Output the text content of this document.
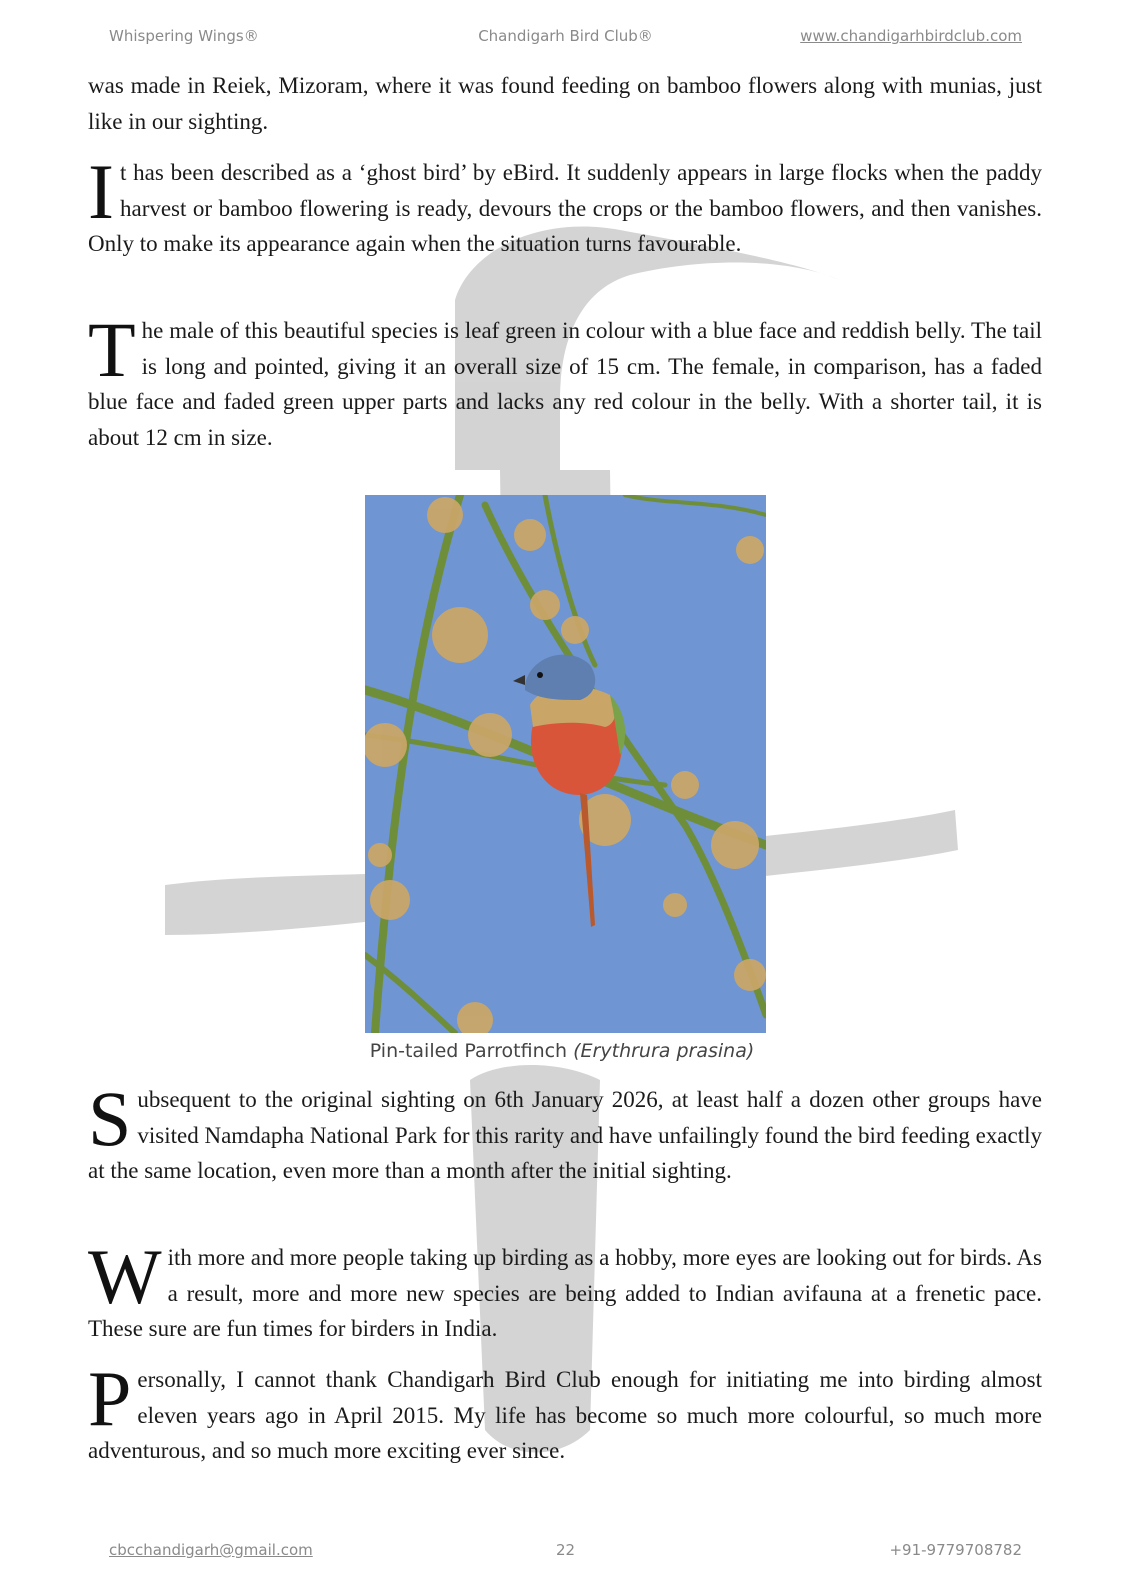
Whispering Wings®	Chandigarh Bird Club®	www.chandigarhbirdclub.com

was made in Reiek, Mizoram, where it was found feeding on bamboo flowers along with munias, just like in our sighting.

It has been described as a ‘ghost bird’ by eBird. It suddenly appears in large flocks when the paddy harvest or bamboo flowering is ready, devours the crops or the bamboo flowers, and then vanishes. Only to make its appearance again when the situation turns favourable.

The male of this beautiful species is leaf green in colour with a blue face and reddish belly. The tail is long and pointed, giving it an overall size of 15 cm. The female, in comparison, has a faded blue face and faded green upper parts and lacks any red colour in the belly. With a shorter tail, it is about 12 cm in size.

Pin-tailed Parrotfinch (Erythrura prasina)

Subsequent to the original sighting on 6th January 2026, at least half a dozen other groups have visited Namdapha National Park for this rarity and have unfailingly found the bird feeding exactly at the same location, even more than a month after the initial sighting.

With more and more people taking up birding as a hobby, more eyes are looking out for birds. As a result, more and more new species are being added to Indian avifauna at a frenetic pace. These sure are fun times for birders in India.

Personally, I cannot thank Chandigarh Bird Club enough for initiating me into birding almost eleven years ago in April 2015. My life has become so much more colourful, so much more adventurous, and so much more exciting ever since.

cbcchandigarh@gmail.com	22	+91-9779708782
